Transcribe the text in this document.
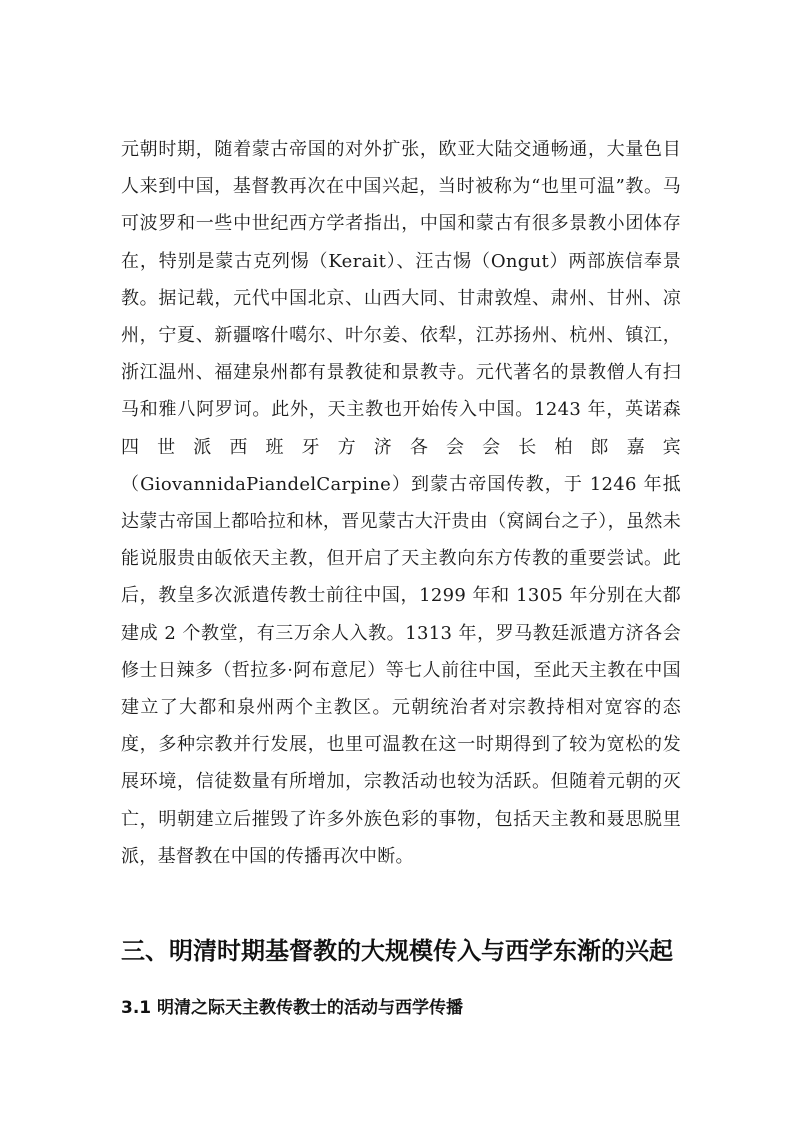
元朝时期，随着蒙古帝国的对外扩张，欧亚大陆交通畅通，大量色目人来到中国，基督教再次在中国兴起，当时被称为“也里可温”教。马可波罗和一些中世纪西方学者指出，中国和蒙古有很多景教小团体存在，特别是蒙古克列惕（Kerait）、汪古惕（Ongut）两部族信奉景教。据记载，元代中国北京、山西大同、甘肃敦煌、肃州、甘州、凉州，宁夏、新疆喀什噶尔、叶尔姜、依犁，江苏扬州、杭州、镇江，浙江温州、福建泉州都有景教徒和景教寺。元代著名的景教僧人有扫马和雅八阿罗诃。此外，天主教也开始传入中国。1243 年，英诺森四世派西班牙方济各会会长柏郎嘉宾（GiovannidaPiandelCarpine）到蒙古帝国传教，于 1246 年抵达蒙古帝国上都哈拉和林，晋见蒙古大汗贵由（窝阔台之子），虽然未能说服贵由皈依天主教，但开启了天主教向东方传教的重要尝试。此后，教皇多次派遣传教士前往中国，1299 年和 1305 年分别在大都建成 2 个教堂，有三万余人入教。1313 年，罗马教廷派遣方济各会修士日辣多（哲拉多·阿布意尼）等七人前往中国，至此天主教在中国建立了大都和泉州两个主教区。元朝统治者对宗教持相对宽容的态度，多种宗教并行发展，也里可温教在这一时期得到了较为宽松的发展环境，信徒数量有所增加，宗教活动也较为活跃。但随着元朝的灭亡，明朝建立后摧毁了许多外族色彩的事物，包括天主教和聂思脱里派，基督教在中国的传播再次中断。

三、明清时期基督教的大规模传入与西学东渐的兴起
3.1 明清之际天主教传教士的活动与西学传播
